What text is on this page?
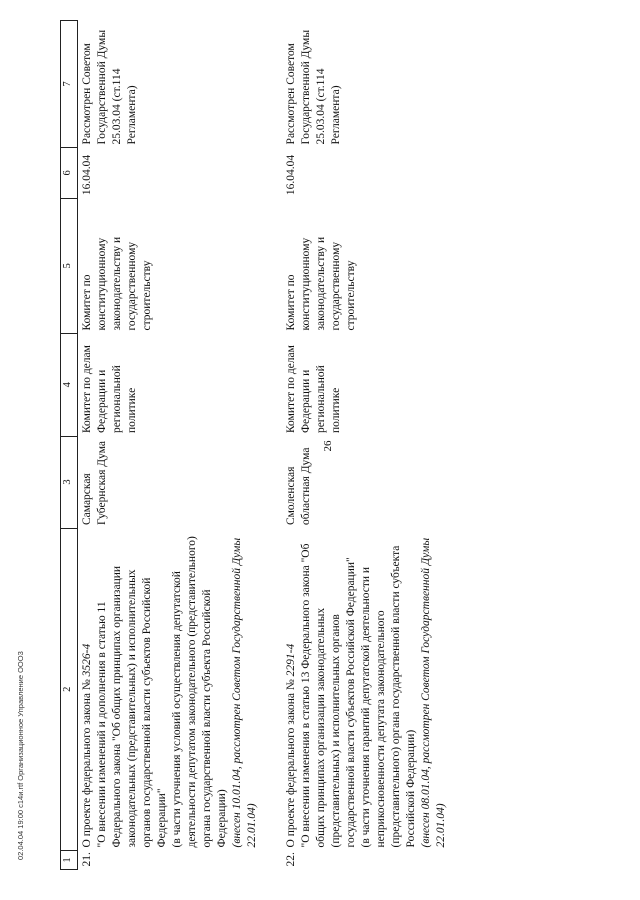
26
1	2	3	4	5	6	7
21.	О проекте федерального закона № 3526-4 "О внесении изменений и дополнения в статью 11 Федерального закона "Об общих принципах организации законодательных (представительных) и исполнительных органов государственной власти субъектов Российской Федерации" (в части уточнения условий осуществления депутатской деятельности депутатом законодательного (представительного) органа государственной власти субъекта Российской Федерации) (внесен 10.01.04, рассмотрен Советом Государственной Думы 22.01.04)	Самарская Губернская Дума	Комитет по делам Федерации и региональной политике	Комитет по конституционному законодательству и государственному строительству	16.04.04	Рассмотрен Советом Государственной Думы 25.03.04 (ст.114 Регламента)

22.	О проекте федерального закона № 2291-4 "О внесении изменения в статью 13 Федерального закона "Об общих принципах организации законодательных (представительных) и исполнительных органов государственной власти субъектов Российской Федерации" (в части уточнения гарантий депутатской деятельности и неприкосновенности депутата законодательного (представительного) органа государственной власти субъекта Российской Федерации) (внесен 08.01.04, рассмотрен Советом Государственной Думы 22.01.04)	Смоленская областная Дума	Комитет по делам Федерации и региональной политике	Комитет по конституционному законодательству и государственному строительству	16.04.04	Рассмотрен Советом Государственной Думы 25.03.04 (ст.114 Регламента)
02.04.04 19:00 с14и.rtf Организационное Управление ООО3
